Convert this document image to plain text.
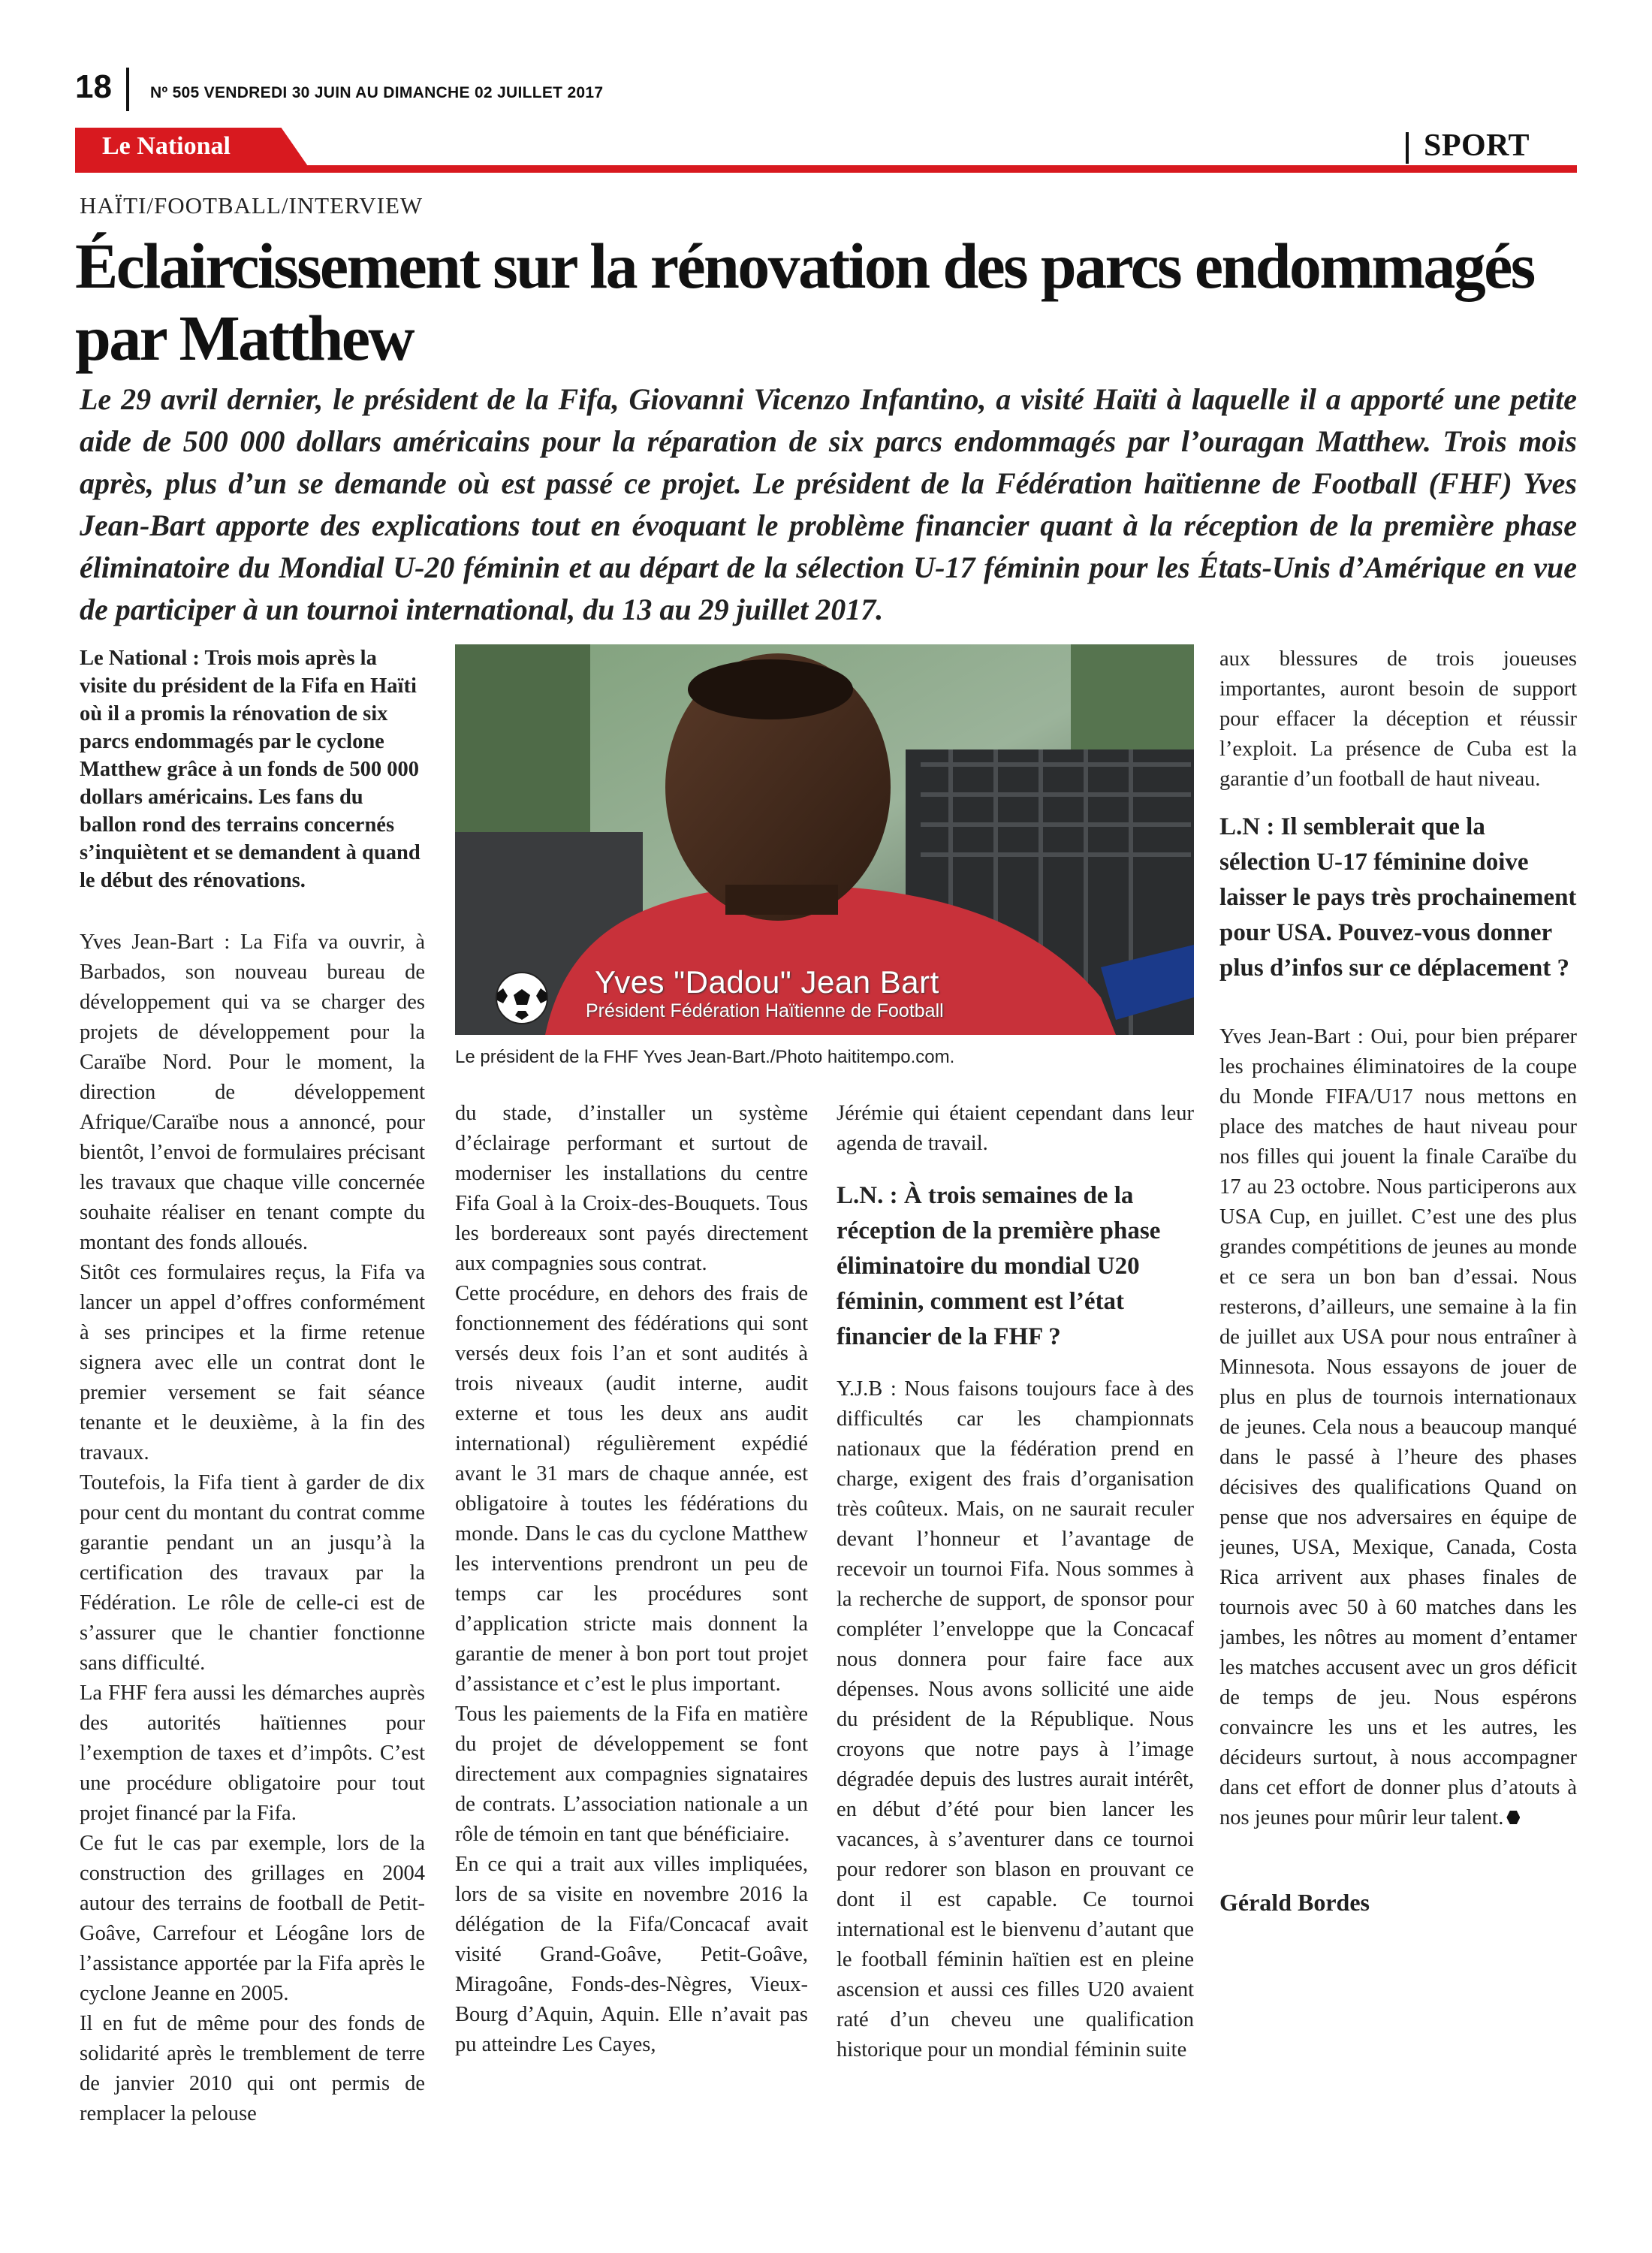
18 Nº 505 VENDREDI 30 JUIN AU DIMANCHE 02 JUILLET 2017
Le National	SPORT
HAÏTI/FOOTBALL/INTERVIEW
Éclaircissement sur la rénovation des parcs endommagés par Matthew

Le 29 avril dernier, le président de la Fifa, Giovanni Vicenzo Infantino, a visité Haïti à laquelle il a apporté une petite aide de 500 000 dollars américains pour la réparation de six parcs endommagés par l’ouragan Matthew. Trois mois après, plus d’un se demande où est passé ce projet. Le président de la Fédération haïtienne de Football (FHF) Yves Jean-Bart apporte des explications tout en évoquant le problème financier quant à la réception de la première phase éliminatoire du Mondial U-20 féminin et au départ de la sélection U-17 féminin pour les États-Unis d’Amérique en vue de participer à un tournoi international, du 13 au 29 juillet 2017.

Le National : Trois mois après la visite du président de la Fifa en Haïti où il a promis la rénovation de six parcs endommagés par le cyclone Matthew grâce à un fonds de 500 000 dollars américains. Les fans du ballon rond des terrains concernés s’inquiètent et se demandent à quand le début des rénovations.

Yves Jean-Bart : La Fifa va ouvrir, à Barbados, son nouveau bureau de développement qui va se charger des projets de développement pour la Caraïbe Nord. Pour le moment, la direction de développement Afrique/Caraïbe nous a annoncé, pour bientôt, l’envoi de formulaires précisant les travaux que chaque ville concernée souhaite réaliser en tenant compte du montant des fonds alloués.

Sitôt ces formulaires reçus, la Fifa va lancer un appel d’offres conformément à ses principes et la firme retenue signera avec elle un contrat dont le premier versement se fait séance tenante et le deuxième, à la fin des travaux.

Toutefois, la Fifa tient à garder de dix pour cent du montant du contrat comme garantie pendant un an jusqu’à la certification des travaux par la Fédération. Le rôle de celle-ci est de s’assurer que le chantier fonctionne sans difficulté.

La FHF fera aussi les démarches auprès des autorités haïtiennes pour l’exemption de taxes et d’impôts. C’est une procédure obligatoire pour tout projet financé par la Fifa.

Ce fut le cas par exemple, lors de la construction des grillages en 2004 autour des terrains de football de Petit-Goâve, Carrefour et Léogâne lors de l’assistance apportée par la Fifa après le cyclone Jeanne en 2005.

Il en fut de même pour des fonds de solidarité après le tremblement de terre de janvier 2010 qui ont permis de remplacer la pelouse

Yves "Dadou" Jean Bart
Président Fédération Haïtienne de Football
Le président de la FHF Yves Jean-Bart./Photo haititempo.com.

du stade, d’installer un système d’éclairage performant et surtout de moderniser les installations du centre Fifa Goal à la Croix-des-Bouquets. Tous les bordereaux sont payés directement aux compagnies sous contrat.

Cette procédure, en dehors des frais de fonctionnement des fédérations qui sont versés deux fois l’an et sont audités à trois niveaux (audit interne, audit externe et tous les deux ans audit international) régulièrement expédié avant le 31 mars de chaque année, est obligatoire à toutes les fédérations du monde. Dans le cas du cyclone Matthew les interventions prendront un peu de temps car les procédures sont d’application stricte mais donnent la garantie de mener à bon port tout projet d’assistance et c’est le plus important.

Tous les paiements de la Fifa en matière du projet de développement se font directement aux compagnies signataires de contrats. L’association nationale a un rôle de témoin en tant que bénéficiaire.

En ce qui a trait aux villes impliquées, lors de sa visite en novembre 2016 la délégation de la Fifa/Concacaf avait visité Grand-Goâve, Petit-Goâve, Miragoâne, Fonds-des-Nègres, Vieux-Bourg d’Aquin, Aquin. Elle n’avait pas pu atteindre Les Cayes,

Jérémie qui étaient cependant dans leur agenda de travail.

L.N. : À trois semaines de la réception de la première phase éliminatoire du mondial U20 féminin, comment est l’état financier de la FHF ?

Y.J.B : Nous faisons toujours face à des difficultés car les championnats nationaux que la fédération prend en charge, exigent des frais d’organisation très coûteux. Mais, on ne saurait reculer devant l’honneur et l’avantage de recevoir un tournoi Fifa. Nous sommes à la recherche de support, de sponsor pour compléter l’enveloppe que la Concacaf nous donnera pour faire face aux dépenses. Nous avons sollicité une aide du président de la République. Nous croyons que notre pays à l’image dégradée depuis des lustres aurait intérêt, en début d’été pour bien lancer les vacances, à s’aventurer dans ce tournoi pour redorer son blason en prouvant ce dont il est capable. Ce tournoi international est le bienvenu d’autant que le football féminin haïtien est en pleine ascension et aussi ces filles U20 avaient raté d’un cheveu une qualification historique pour un mondial féminin suite

aux blessures de trois joueuses importantes, auront besoin de support pour effacer la déception et réussir l’exploit. La présence de Cuba est la garantie d’un football de haut niveau.

L.N : Il semblerait que la sélection U-17 féminine doive laisser le pays très prochainement pour USA. Pouvez-vous donner plus d’infos sur ce déplacement ?

Yves Jean-Bart : Oui, pour bien préparer les prochaines éliminatoires de la coupe du Monde FIFA/U17 nous mettons en place des matches de haut niveau pour nos filles qui jouent la finale Caraïbe du 17 au 23 octobre. Nous participerons aux USA Cup, en juillet. C’est une des plus grandes compétitions de jeunes au monde et ce sera un bon ban d’essai. Nous resterons, d’ailleurs, une semaine à la fin de juillet aux USA pour nous entraîner à Minnesota. Nous essayons de jouer de plus en plus de tournois internationaux de jeunes. Cela nous a beaucoup manqué dans le passé à l’heure des phases décisives des qualifications Quand on pense que nos adversaires en équipe de jeunes, USA, Mexique, Canada, Costa Rica arrivent aux phases finales de tournois avec 50 à 60 matches dans les jambes, les nôtres au moment d’entamer les matches accusent avec un gros déficit de temps de jeu. Nous espérons convaincre les uns et les autres, les décideurs surtout, à nous accompagner dans cet effort de donner plus d’atouts à nos jeunes pour mûrir leur talent.

Gérald Bordes
